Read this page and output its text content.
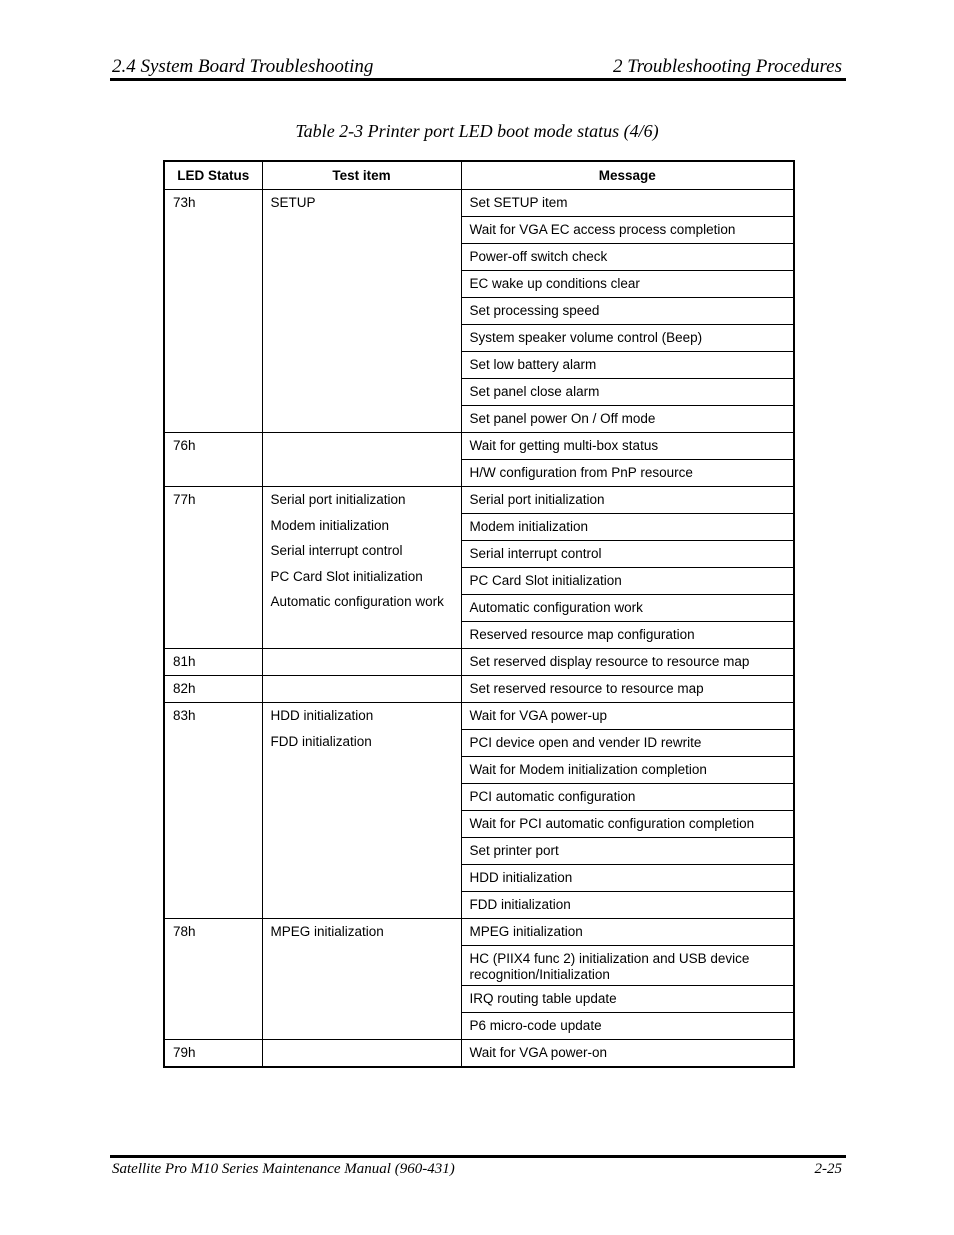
2.4 System Board Troubleshooting	2 Troubleshooting Procedures
Table 2-3 Printer port LED boot mode status (4/6)
LED Status	Test item	Message
73h	SETUP	Set SETUP item
		Wait for VGA EC access process completion
		Power-off switch check
		EC wake up conditions clear
		Set processing speed
		System speaker volume control (Beep)
		Set low battery alarm
		Set panel close alarm
		Set panel power On / Off mode
76h		Wait for getting multi-box status
		H/W configuration from PnP resource
77h	Serial port initialization
Modem initialization
Serial interrupt control
PC Card Slot initialization
Automatic configuration work	Serial port initialization
		Modem initialization
		Serial interrupt control
		PC Card Slot initialization
		Automatic configuration work
		Reserved resource map configuration
81h		Set reserved display resource to resource map
82h		Set reserved resource to resource map
83h	HDD initialization
FDD initialization	Wait for VGA power-up
		PCI device open and vender ID rewrite
		Wait for Modem initialization completion
		PCI automatic configuration
		Wait for PCI automatic configuration completion
		Set printer port
		HDD initialization
		FDD initialization
78h	MPEG initialization	MPEG initialization
		HC (PIIX4 func 2) initialization and USB device recognition/Initialization
		IRQ routing table update
		P6 micro-code update
79h		Wait for VGA power-on
Satellite Pro M10 Series Maintenance Manual (960-431)	2-25
